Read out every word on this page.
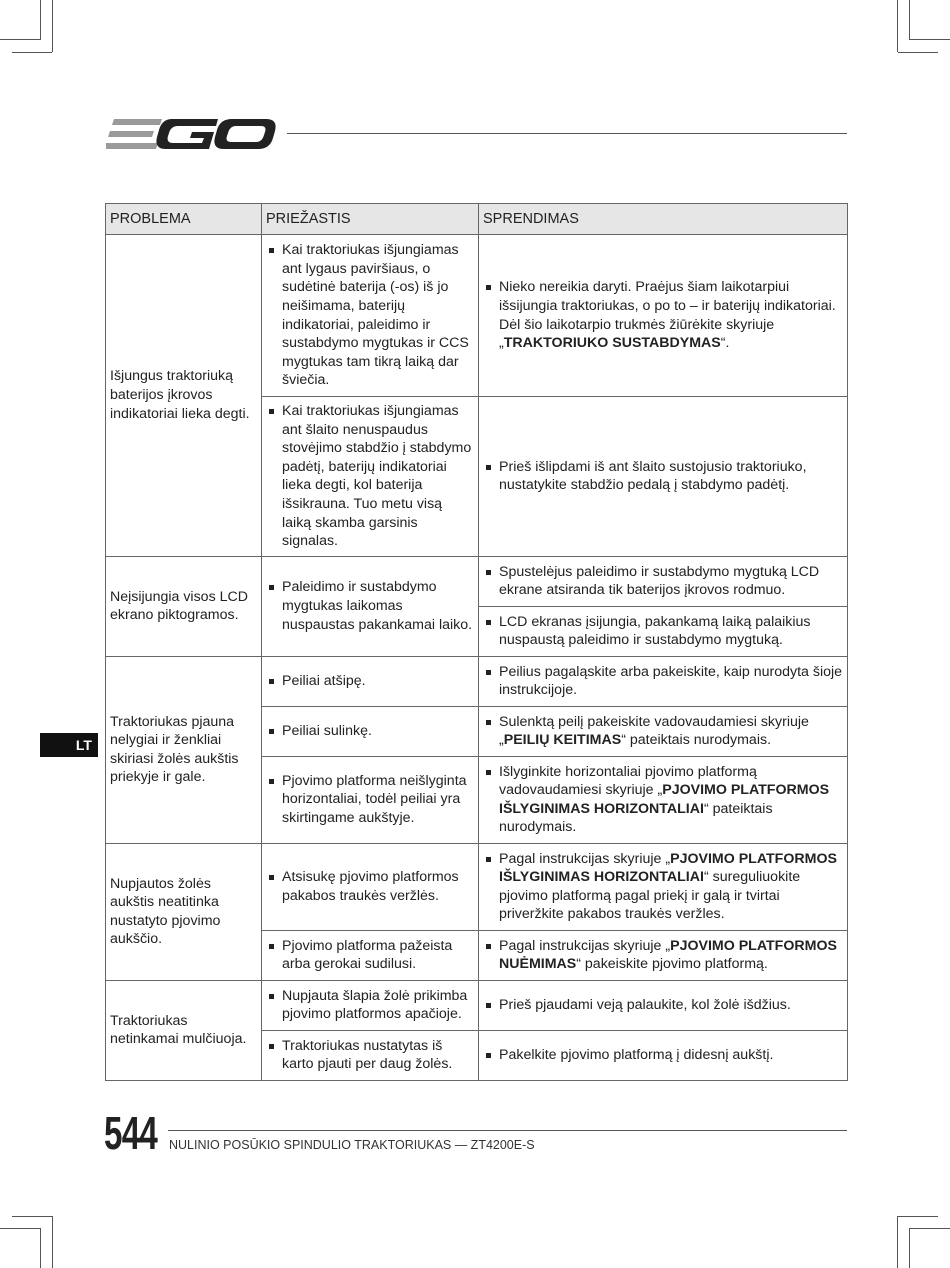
PROBLEMA	PRIEŽASTIS	SPRENDIMAS
Išjungus traktoriuką baterijos įkrovos indikatoriai lieka degti.	Kai traktoriukas išjungiamas ant lygaus paviršiaus, o sudėtinė baterija (-os) iš jo neišimama, baterijų indikatoriai, paleidimo ir sustabdymo mygtukas ir CCS mygtukas tam tikrą laiką dar šviečia.	Nieko nereikia daryti. Praėjus šiam laikotarpiui išsijungia traktoriukas, o po to – ir baterijų indikatoriai. Dėl šio laikotarpio trukmės žiūrėkite skyriuje „TRAKTORIUKO SUSTABDYMAS“.

	Kai traktoriukas išjungiamas ant šlaito nenuspaudus stovėjimo stabdžio į stabdymo padėtį, baterijų indikatoriai lieka degti, kol baterija išsikrauna. Tuo metu visą laiką skamba garsinis signalas.	Prieš išlipdami iš ant šlaito sustojusio traktoriuko, nustatykite stabdžio pedalą į stabdymo padėtį.

Neįsijungia visos LCD ekrano piktogramos.	Paleidimo ir sustabdymo mygtukas laikomas nuspaustas pakankamai laiko.	Spustelėjus paleidimo ir sustabdymo mygtuką LCD ekrane atsiranda tik baterijos įkrovos rodmuo.

		LCD ekranas įsijungia, pakankamą laiką palaikius nuspaustą paleidimo ir sustabdymo mygtuką.

Traktoriukas pjauna nelygiai ir ženkliai skiriasi žolės aukštis priekyje ir gale.	Peiliai atšipę.	Peilius pagaląskite arba pakeiskite, kaip nurodyta šioje instrukcijoje.

	Peiliai sulinkę.	Sulenktą peilį pakeiskite vadovaudamiesi skyriuje „PEILIŲ KEITIMAS“ pateiktais nurodymais.

	Pjovimo platforma neišlyginta horizontaliai, todėl peiliai yra skirtingame aukštyje.	Išlyginkite horizontaliai pjovimo platformą vadovaudamiesi skyriuje „PJOVIMO PLATFORMOS IŠLYGINIMAS HORIZONTALIAI“ pateiktais nurodymais.

Nupjautos žolės aukštis neatitinka nustatyto pjovimo aukščio.	Atsisukę pjovimo platformos pakabos traukės veržlės.	Pagal instrukcijas skyriuje „PJOVIMO PLATFORMOS IŠLYGINIMAS HORIZONTALIAI“ sureguliuokite pjovimo platformą pagal priekį ir galą ir tvirtai priveržkite pakabos traukės veržles.

	Pjovimo platforma pažeista arba gerokai sudilusi.	Pagal instrukcijas skyriuje „PJOVIMO PLATFORMOS NUĖMIMAS“ pakeiskite pjovimo platformą.

Traktoriukas netinkamai mulčiuoja.	Nupjauta šlapia žolė prikimba pjovimo platformos apačioje.	Prieš pjaudami veją palaukite, kol žolė išdžius.

	Traktoriukas nustatytas iš karto pjauti per daug žolės.	Pakelkite pjovimo platformą į didesnį aukštį.
LT
544 NULINIO POSŪKIO SPINDULIO TRAKTORIUKAS — ZT4200E-S
